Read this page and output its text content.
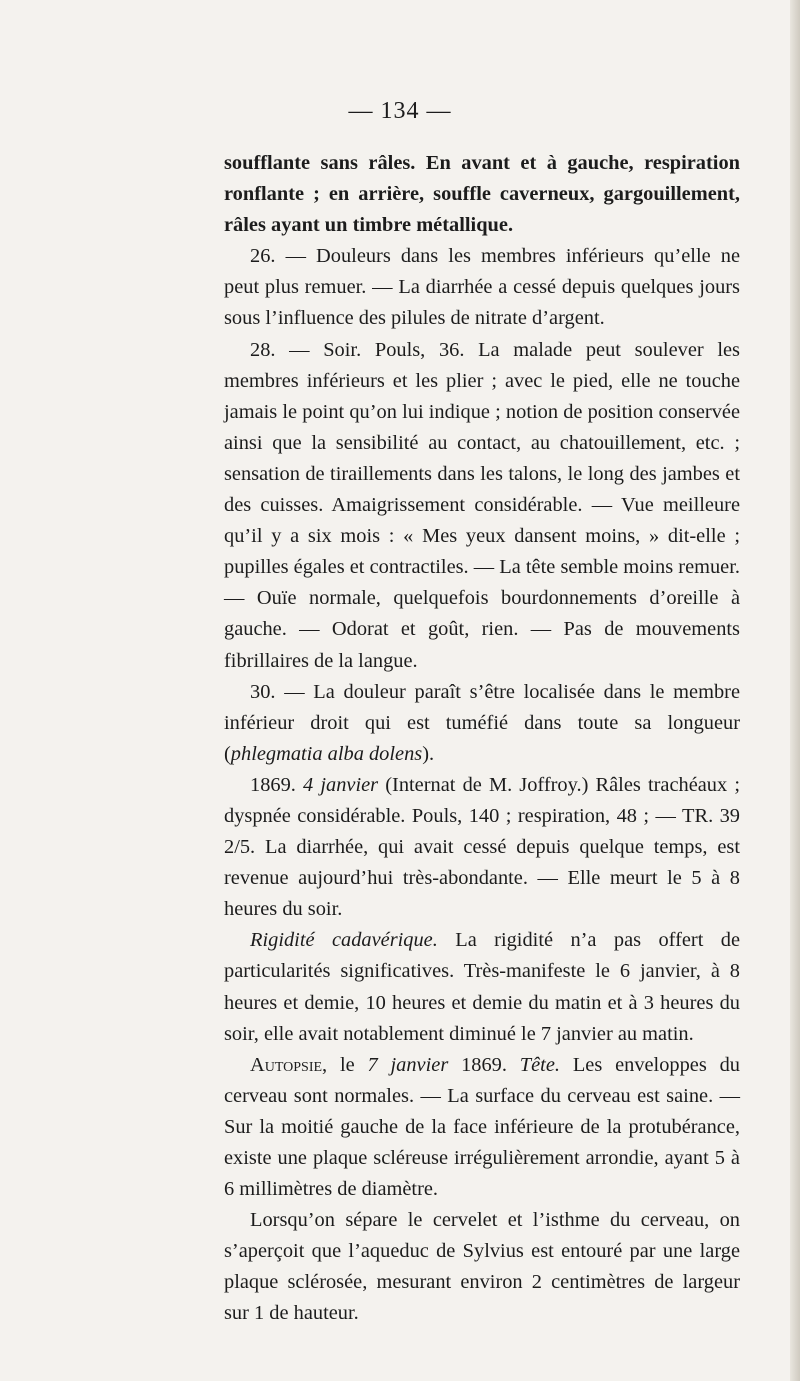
— 134 —

soufflante sans râles. En avant et à gauche, respiration ronflante ; en arrière, souffle caverneux, gargouillement, râles ayant un timbre métallique.

26. — Douleurs dans les membres inférieurs qu’elle ne peut plus remuer. — La diarrhée a cessé depuis quelques jours sous l’influence des pilules de nitrate d’argent.

28. — Soir. Pouls, 36. La malade peut soulever les membres inférieurs et les plier ; avec le pied, elle ne touche jamais le point qu’on lui indique ; notion de position conservée ainsi que la sensibilité au contact, au chatouillement, etc. ; sensation de tiraillements dans les talons, le long des jambes et des cuisses. Amaigrissement considérable. — Vue meilleure qu’il y a six mois : « Mes yeux dansent moins, » dit-elle ; pupilles égales et contractiles. — La tête semble moins remuer. — Ouïe normale, quelquefois bourdonnements d’oreille à gauche. — Odorat et goût, rien. — Pas de mouvements fibrillaires de la langue.

30. — La douleur paraît s’être localisée dans le membre inférieur droit qui est tuméfié dans toute sa longueur (phlegmatia alba dolens).

1869. 4 janvier (Internat de M. Joffroy.) Râles trachéaux ; dyspnée considérable. Pouls, 140 ; respiration, 48 ; — TR. 39 2/5. La diarrhée, qui avait cessé depuis quelque temps, est revenue aujourd’hui très-abondante. — Elle meurt le 5 à 8 heures du soir.

Rigidité cadavérique. La rigidité n’a pas offert de particularités significatives. Très-manifeste le 6 janvier, à 8 heures et demie, 10 heures et demie du matin et à 3 heures du soir, elle avait notablement diminué le 7 janvier au matin.

Autopsie, le 7 janvier 1869. Tête. Les enveloppes du cerveau sont normales. — La surface du cerveau est saine. — Sur la moitié gauche de la face inférieure de la protubérance, existe une plaque scléreuse irrégulièrement arrondie, ayant 5 à 6 millimètres de diamètre.

Lorsqu’on sépare le cervelet et l’isthme du cerveau, on s’aperçoit que l’aqueduc de Sylvius est entouré par une large plaque sclérosée, mesurant environ 2 centimètres de largeur sur 1 de hauteur.
